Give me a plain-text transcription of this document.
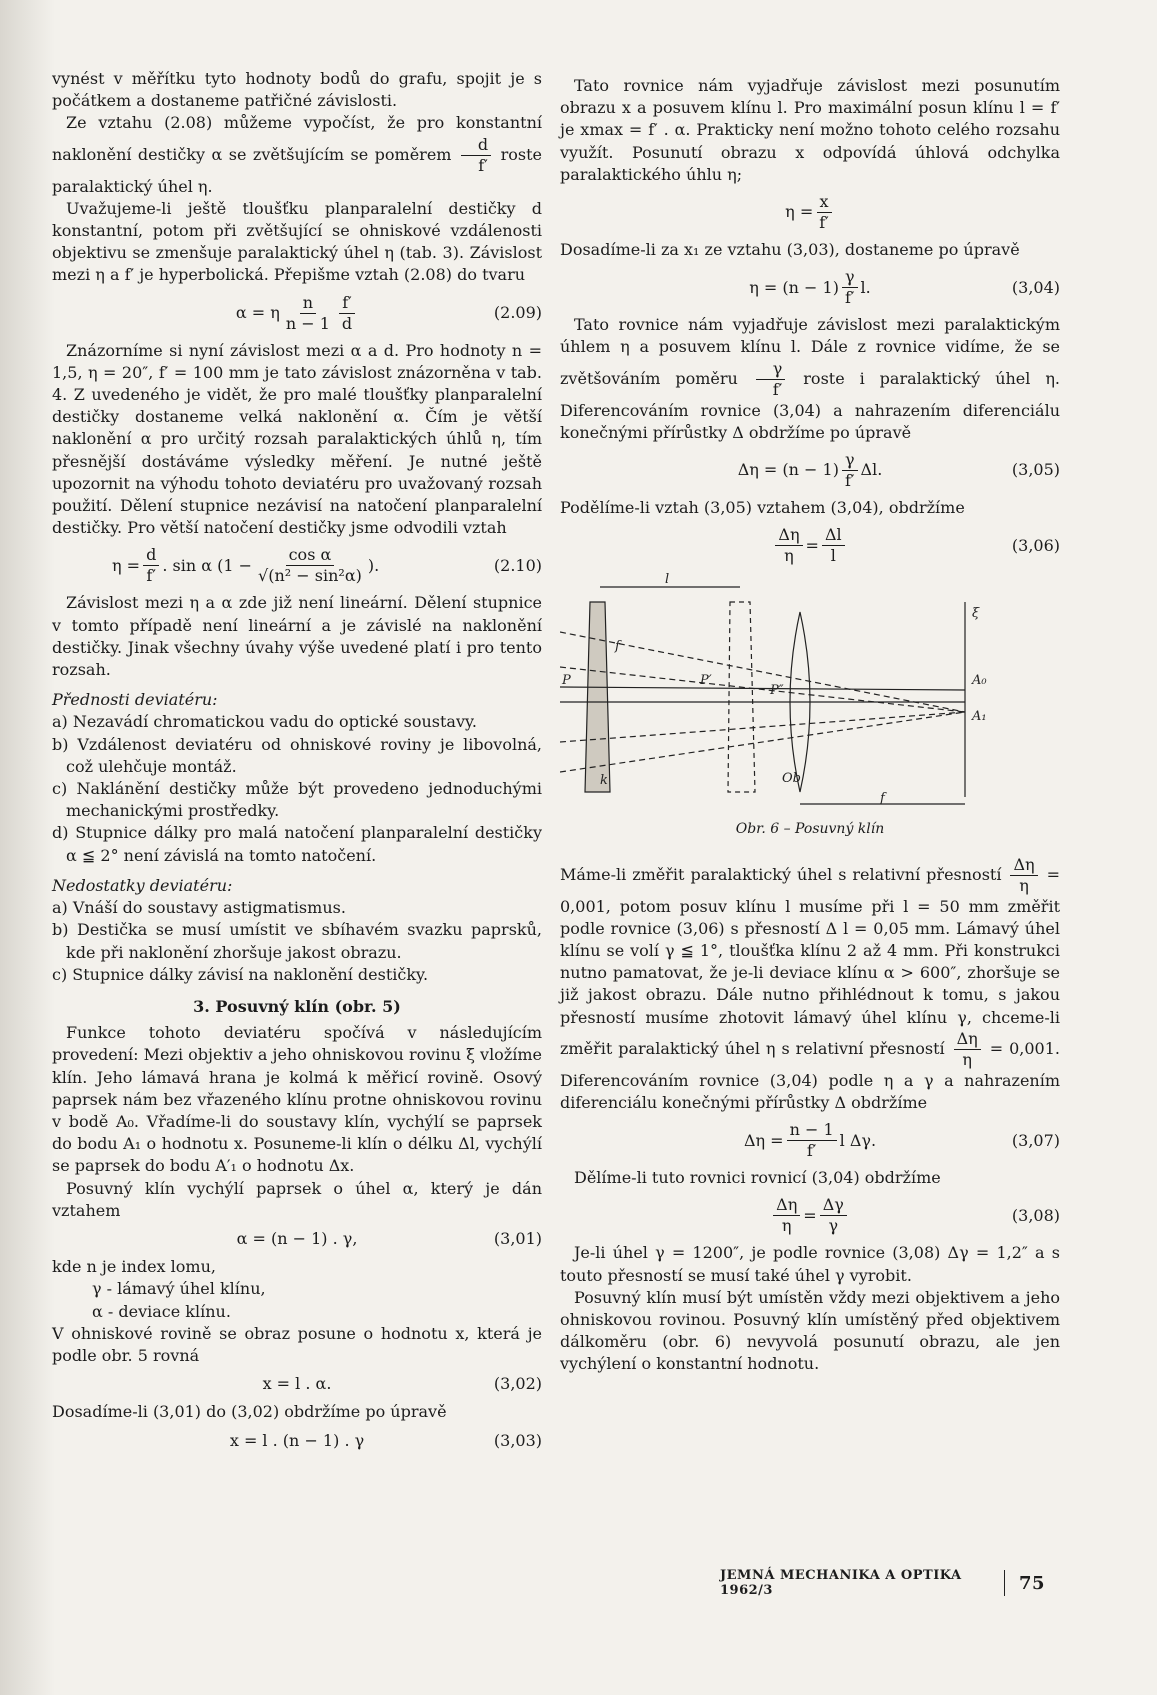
vynést v měřítku tyto hodnoty bodů do grafu, spojit je s počátkem a dostaneme patřičné závislosti.

Ze vztahu (2.08) můžeme vypočíst, že pro konstantní naklonění destičky α se zvětšujícím se poměrem $\frac{d}{f'}$ roste paralaktický úhel η.

Uvažujeme-li ještě tloušťku planparalelní destičky d konstantní, potom při zvětšující se ohniskové vzdálenosti objektivu se zmenšuje paralaktický úhel η (tab. 3). Závislost mezi η a f′ je hyperbolická. Přepišme vztah (2.08) do tvaru

α = η $\frac{n}{n - 1} \frac{f'}{d}$	(2.09)

Znázorníme si nyní závislost mezi α a d. Pro hodnoty n = 1,5, η = 20″, f′ = 100 mm je tato závislost znázorněna v tab. 4. Z uvedeného je vidět, že pro malé tloušťky planparalelní destičky dostaneme velká naklonění α. Čím je větší naklonění α pro určitý rozsah paralaktických úhlů η, tím přesnější dostáváme výsledky měření. Je nutné ještě upozornit na výhodu tohoto deviatéru pro uvažovaný rozsah použití. Dělení stupnice nezávisí na natočení planparalelní destičky. Pro větší natočení destičky jsme odvodili vztah

$\eta = \frac{d}{f'}$ . sin α ($1 - \frac{\text{cos α}}{\text{√(n² − sin²α)}}$ ).	(2.10)

Závislost mezi η a α zde již není lineární. Dělení stupnice v tomto případě není lineární a je závislé na naklonění destičky. Jinak všechny úvahy výše uvedené platí i pro tento rozsah.

Přednosti deviatéru:

a) Nezavádí chromatickou vadu do optické soustavy.

b) Vzdálenost deviatéru od ohniskové roviny je libovolná, což ulehčuje montáž.

c) Naklánění destičky může být provedeno jednoduchými mechanickými prostředky.

d) Stupnice dálky pro malá natočení planparalelní destičky α ≦ 2° není závislá na tomto natočení.

Nedostatky deviatéru:

a) Vnáší do soustavy astigmatismus.

b) Destička se musí umístit ve sbíhavém svazku paprsků, kde při naklonění zhoršuje jakost obrazu.

c) Stupnice dálky závisí na naklonění destičky.

3. Posuvný klín (obr. 5)

Funkce tohoto deviatéru spočívá v následujícím provedení: Mezi objektiv a jeho ohniskovou rovinu ξ vložíme klín. Jeho lámavá hrana je kolmá k měřicí rovině. Osový paprsek nám bez vřazeného klínu protne ohniskovou rovinu v bodě A₀. Vřadíme-li do soustavy klín, vychýlí se paprsek do bodu A₁ o hodnotu x. Posuneme-li klín o délku Δl, vychýlí se paprsek do bodu A′₁ o hodnotu Δx.

Posuvný klín vychýlí paprsek o úhel α, který je dán vztahem

α = (n − 1) . γ,	(3,01)

kde n je index lomu,

γ - lámavý úhel klínu,

α - deviace klínu.

V ohniskové rovině se obraz posune o hodnotu x, která je podle obr. 5 rovná

x = l . α.	(3,02)

Dosadíme-li (3,01) do (3,02) obdržíme po úpravě

x = l . (n − 1) . γ	(3,03)

Tato rovnice nám vyjadřuje závislost mezi posunutím obrazu x a posuvem klínu l. Pro maximální posun klínu l = f′ je xmax = f′ . α. Prakticky není možno tohoto celého rozsahu využít. Posunutí obrazu x odpovídá úhlová odchylka paralaktického úhlu η;

$\eta = \frac{x}{f'}$

Dosadíme-li za x₁ ze vztahu (3,03), dostaneme po úpravě

$\eta = (n - 1) \frac{\gamma}{f'} l$.	(3,04)

Tato rovnice nám vyjadřuje závislost mezi paralaktickým úhlem η a posuvem klínu l. Dále z rovnice vidíme, že se zvětšováním poměru $\frac{\gamma}{f'}$ roste i paralaktický úhel η. Diferencováním rovnice (3,04) a nahrazením diferenciálu konečnými přírůstky Δ obdržíme po úpravě

$\Delta\eta = (n - 1) \frac{\gamma}{f'} \Delta l$.	(3,05)

Podělíme-li vztah (3,05) vztahem (3,04), obdržíme

$\frac{\Delta\eta}{\eta} = \frac{\Delta l}{l}$	(3,06)
l
f
f
ξ
P	P′
P″
A₀
A₁
k	Ob

Obr. 6 – Posuvný klín

Máme-li změřit paralaktický úhel s relativní přesností $\frac{\Delta\eta}{\eta} = 0,001$, potom posuv klínu l musíme při l = 50 mm změřit podle rovnice (3,06) s přesností Δ l = 0,05 mm. Lámavý úhel klínu se volí γ ≦ 1°, tloušťka klínu 2 až 4 mm. Při konstrukci nutno pamatovat, že je-li deviace klínu α > 600″, zhoršuje se již jakost obrazu. Dále nutno přihlédnout k tomu, s jakou přesností musíme zhotovit lámavý úhel klínu γ, chceme-li změřit paralaktický úhel η s relativní přesností $\frac{\Delta\eta}{\eta} = 0,001$. Diferencováním rovnice (3,04) podle η a γ a nahrazením diferenciálu konečnými přírůstky Δ obdržíme

$\Delta\eta = \frac{n - 1}{f'}$ l Δγ.	(3,07)

Dělíme-li tuto rovnici rovnicí (3,04) obdržíme

$\frac{\Delta\eta}{\eta} = \frac{\Delta\gamma}{\gamma}$	(3,08)

Je-li úhel γ = 1200″, je podle rovnice (3,08) Δγ = 1,2″ a s touto přesností se musí také úhel γ vyrobit.

Posuvný klín musí být umístěn vždy mezi objektivem a jeho ohniskovou rovinou. Posuvný klín umístěný před objektivem dálkoměru (obr. 6) nevyvolá posunutí obrazu, ale jen vychýlení o konstantní hodnotu.

JEMNÁ MECHANIKA A OPTIKA 1962/3	75
